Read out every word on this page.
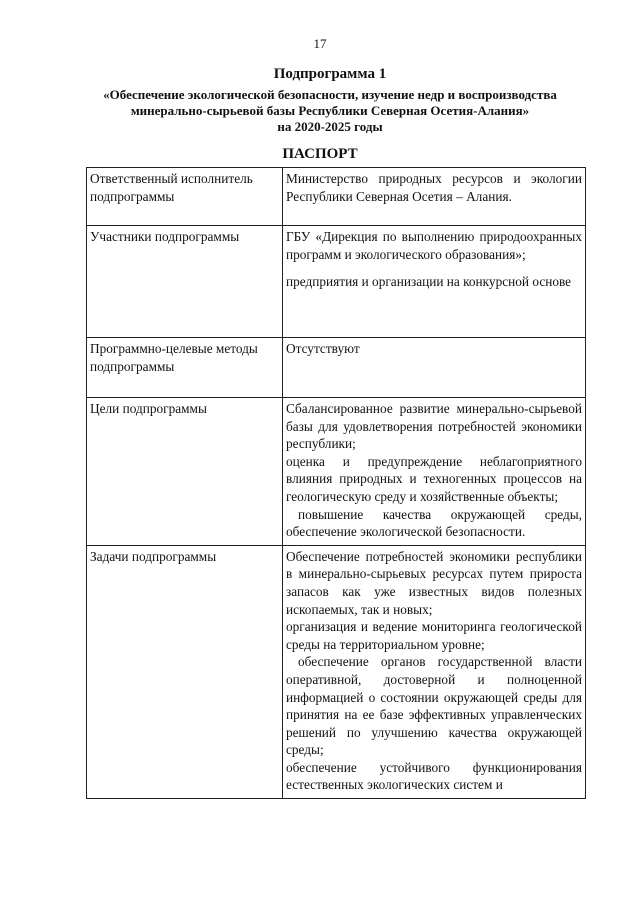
17
Подпрограмма 1
«Обеспечение экологической безопасности, изучение недр и воспроизводства
минерально-сырьевой базы Республики Северная Осетия-Алания»
на 2020-2025 годы
ПАСПОРТ
Ответственный исполнитель подпрограммы	Министерство природных ресурсов и экологии Республики Северная Осетия – Алания.

Участники подпрограммы	ГБУ «Дирекция по выполнению природоохранных программ и экологического образования»;

предприятия и организации на конкурсной основе

Программно-целевые методы подпрограммы	Отсутствуют

Цели подпрограммы	Сбалансированное развитие минерально-сырьевой базы для удовлетворения потребностей экономики республики;

оценка и предупреждение неблагоприятного влияния природных и техногенных процессов на геологическую среду и хозяйственные объекты;

повышение качества окружающей среды, обеспечение экологической безопасности.

Задачи подпрограммы	Обеспечение потребностей экономики республики в минерально-сырьевых ресурсах путем прироста запасов как уже известных видов полезных ископаемых, так и новых;

организация и ведение мониторинга геологической среды на территориальном уровне;

обеспечение органов государственной власти оперативной, достоверной и полноценной информацией о состоянии окружающей среды для принятия на ее базе эффективных управленческих решений по улучшению качества окружающей среды;

обеспечение устойчивого функционирования естественных экологических систем и
